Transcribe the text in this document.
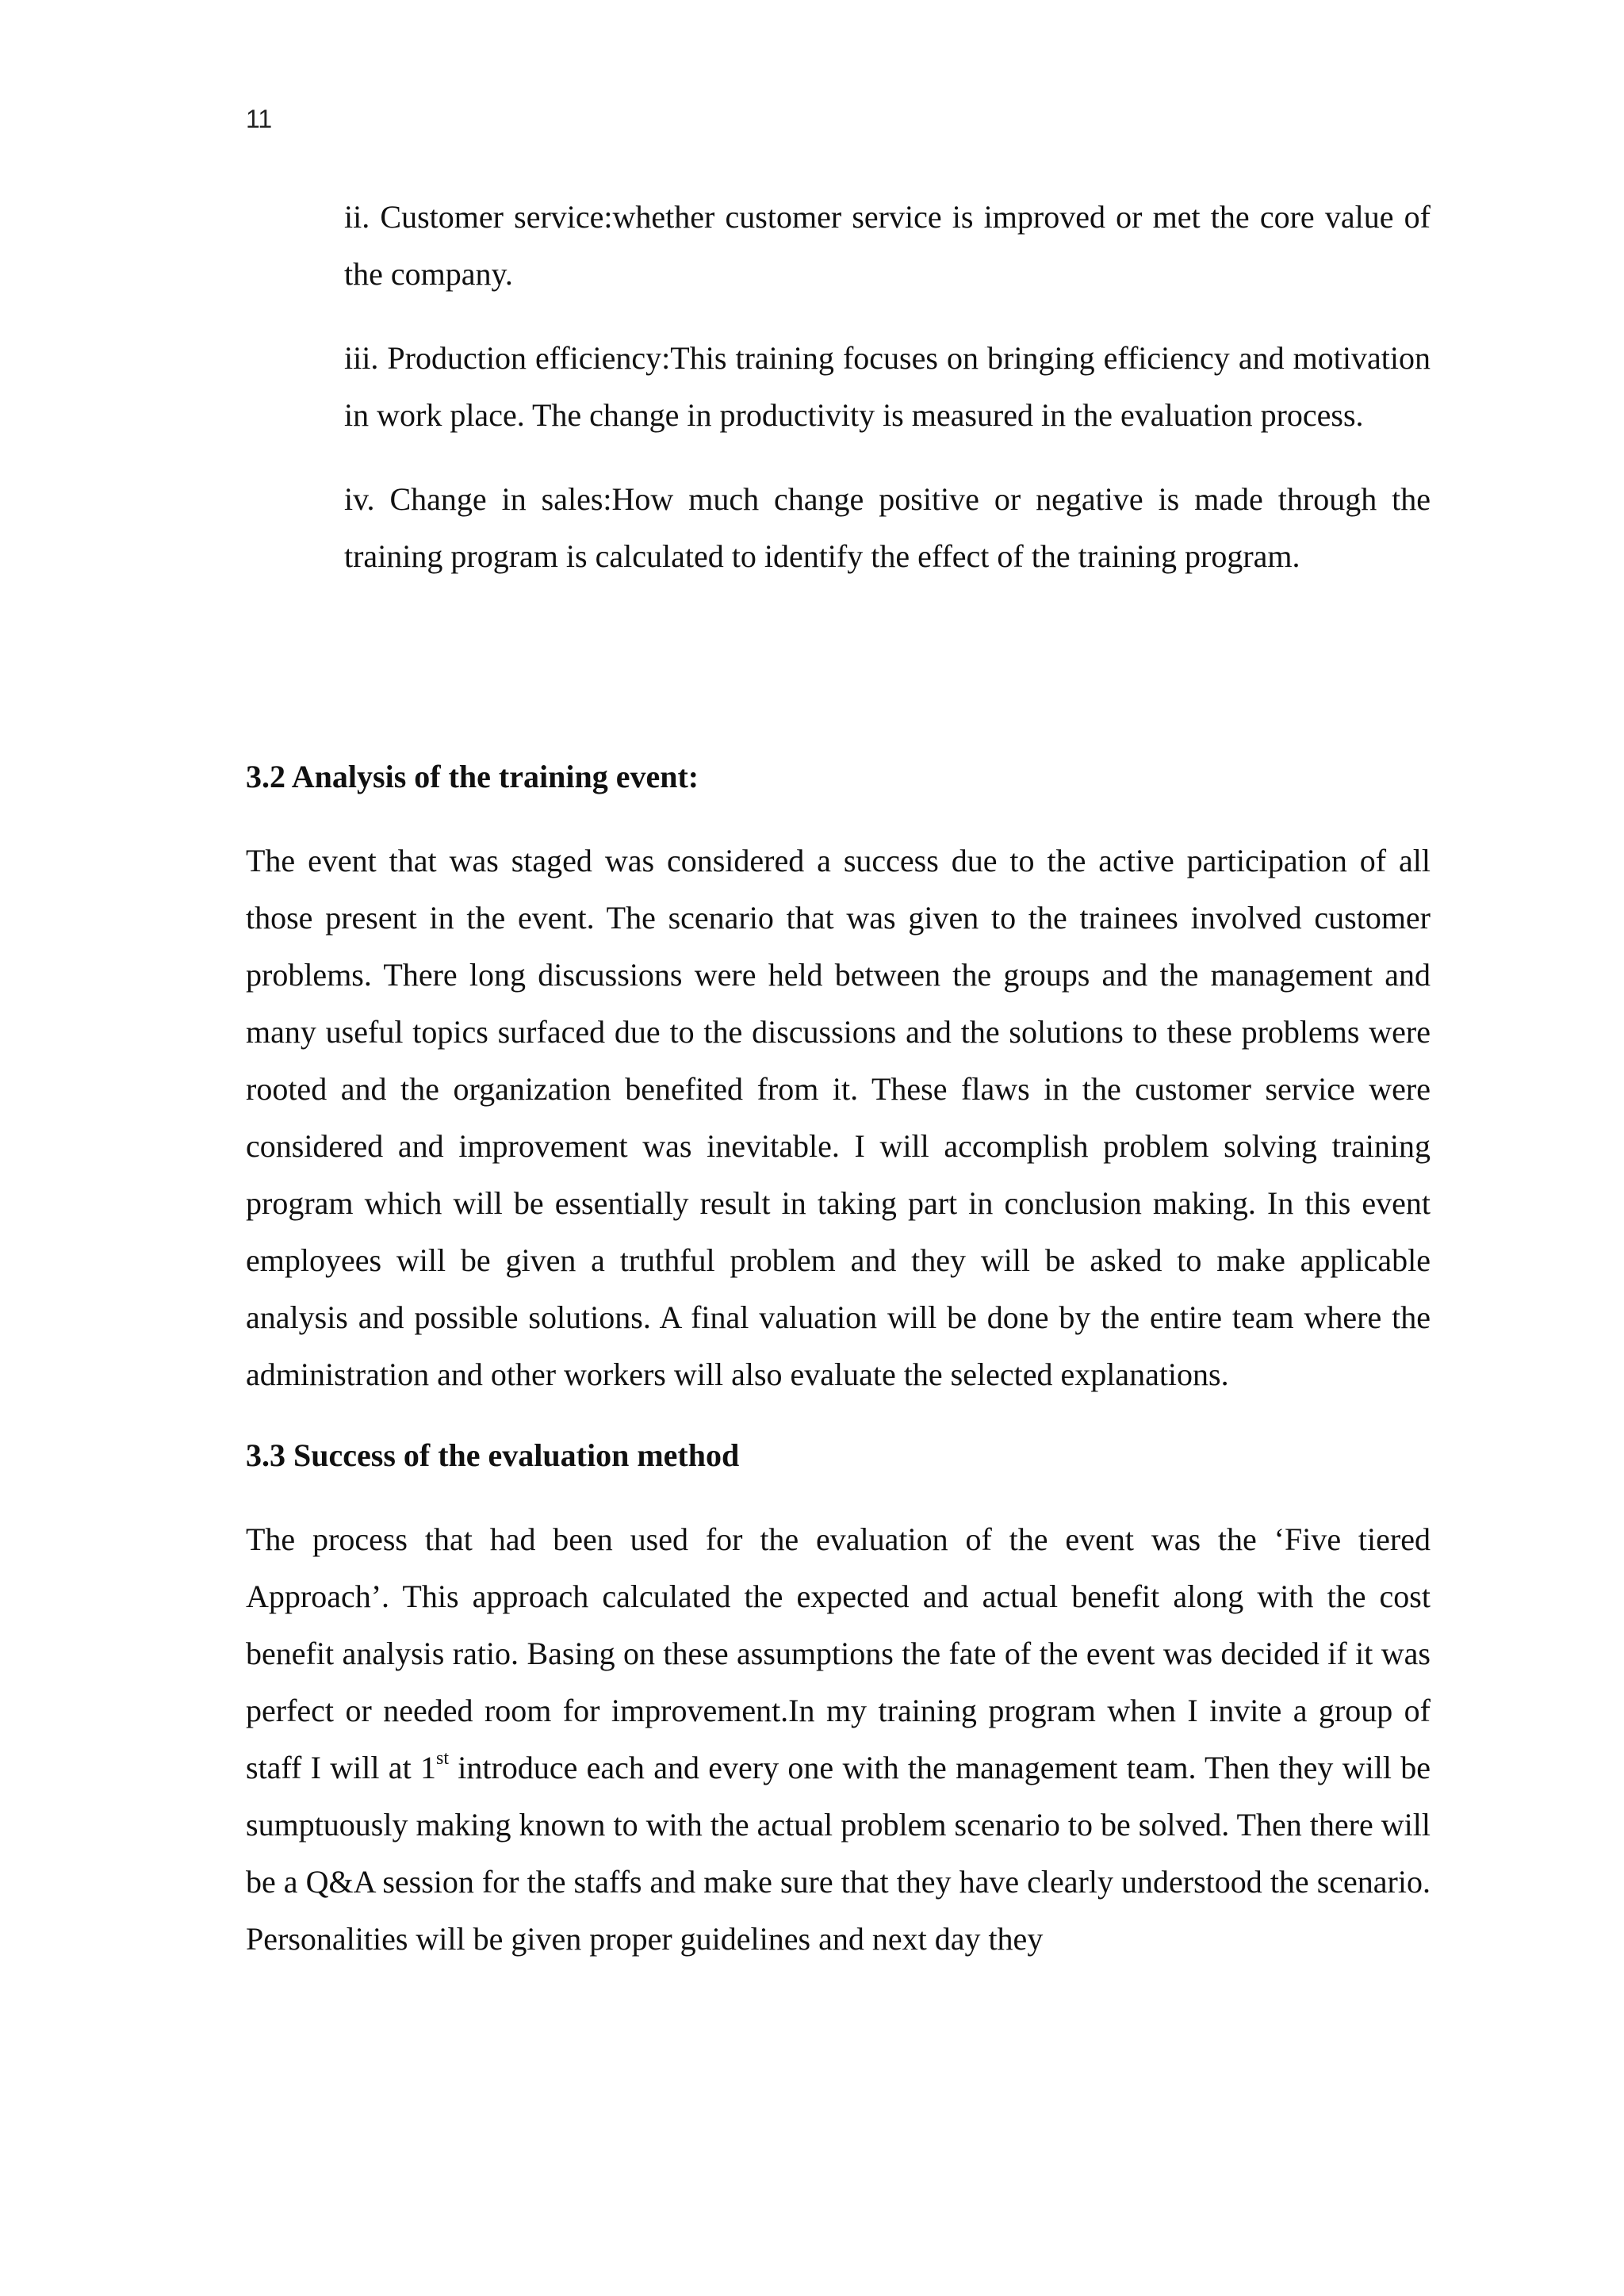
11

ii. Customer service:whether customer service is improved or met the core value of the company.

iii. Production efficiency:This training focuses on bringing efficiency and motivation in work place. The change in productivity is measured in the evaluation process.

iv. Change in sales:How much change positive or negative is made through the training program is calculated to identify the effect of the training program.

3.2 Analysis of the training event:

The event that was staged was considered a success due to the active participation of all those present in the event. The scenario that was given to the trainees involved customer problems. There long discussions were held between the groups and the management and many useful topics surfaced due to the discussions and the solutions to these problems were rooted and the organization benefited from it. These flaws in the customer service were considered and improvement was inevitable. I will accomplish problem solving training program which will be essentially result in taking part in conclusion making. In this event employees will be given a truthful problem and they will be asked to make applicable analysis and possible solutions. A final valuation will be done by the entire team where the administration and other workers will also evaluate the selected explanations.

3.3 Success of the evaluation method

The process that had been used for the evaluation of the event was the ‘Five tiered Approach’. This approach calculated the expected and actual benefit along with the cost benefit analysis ratio. Basing on these assumptions the fate of the event was decided if it was perfect or needed room for improvement.In my training program when I invite a group of staff I will at 1st introduce each and every one with the management team. Then they will be sumptuously making known to with the actual problem scenario to be solved. Then there will be a Q&A session for the staffs and make sure that they have clearly understood the scenario. Personalities will be given proper guidelines and next day they
